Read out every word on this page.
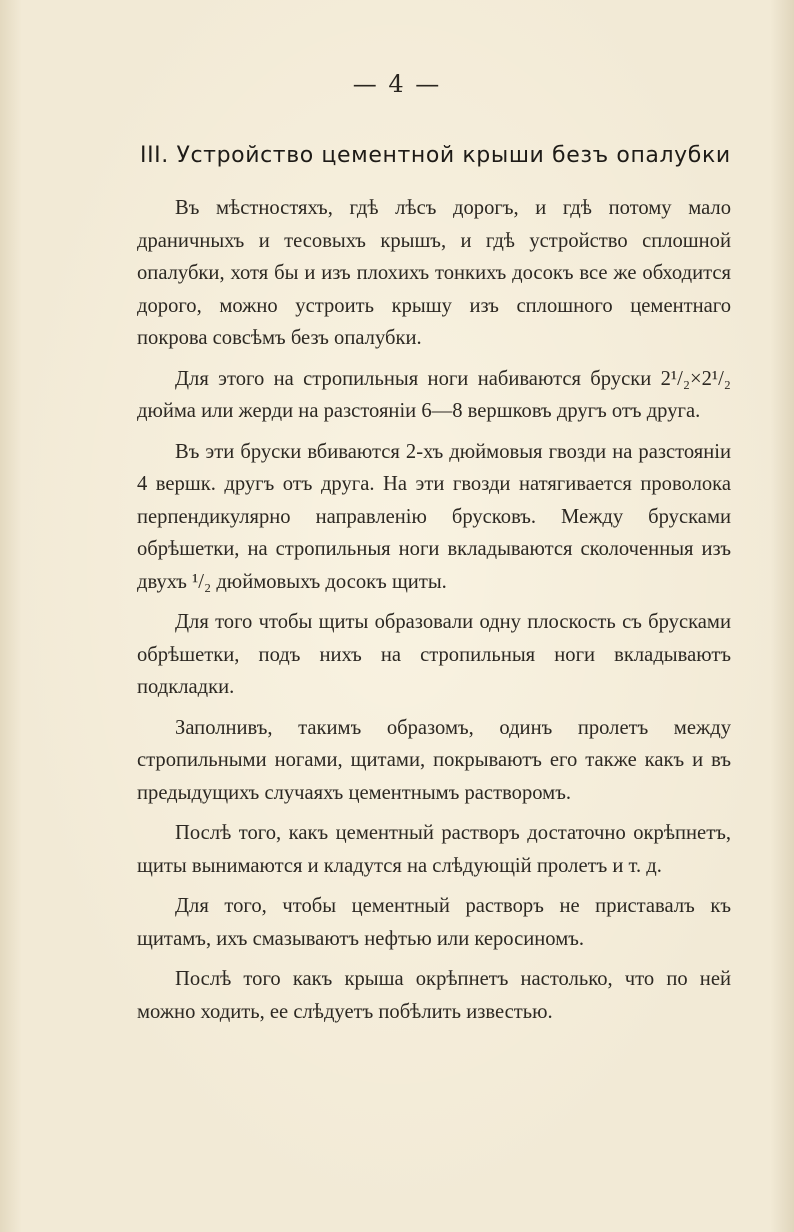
— 4 —
III. Устройство цементной крыши безъ опалубки

Въ мѣстностяхъ, гдѣ лѣсъ дорогъ, и гдѣ потому мало драничныхъ и тесовыхъ крышъ, и гдѣ устройство сплошной опалубки, хотя бы и изъ плохихъ тонкихъ досокъ все же обходится дорого, можно устроить крышу изъ сплошного цементнаго покрова совсѣмъ безъ опалубки.

Для этого на стропильныя ноги набиваются бруски 2¹/₂×2¹/₂ дюйма или жерди на разстояніи 6—8 вершковъ другъ отъ друга.

Въ эти бруски вбиваются 2-хъ дюймовыя гвозди на разстояніи 4 вершк. другъ отъ друга. На эти гвозди натягивается проволока перпендикулярно направленію брусковъ. Между брусками обрѣшетки, на стропильныя ноги вкладываются сколоченныя изъ двухъ ¹/₂ дюймовыхъ досокъ щиты.

Для того чтобы щиты образовали одну плоскость съ брусками обрѣшетки, подъ нихъ на стропильныя ноги вкладываютъ подкладки.

Заполнивъ, такимъ образомъ, одинъ пролетъ между стропильными ногами, щитами, покрываютъ его также какъ и въ предыдущихъ случаяхъ цементнымъ растворомъ.

Послѣ того, какъ цементный растворъ достаточно окрѣпнетъ, щиты вынимаются и кладутся на слѣдующій пролетъ и т. д.

Для того, чтобы цементный растворъ не приставалъ къ щитамъ, ихъ смазываютъ нефтью или керосиномъ.

Послѣ того какъ крыша окрѣпнетъ настолько, что по ней можно ходить, ее слѣдуетъ побѣлить известью.
